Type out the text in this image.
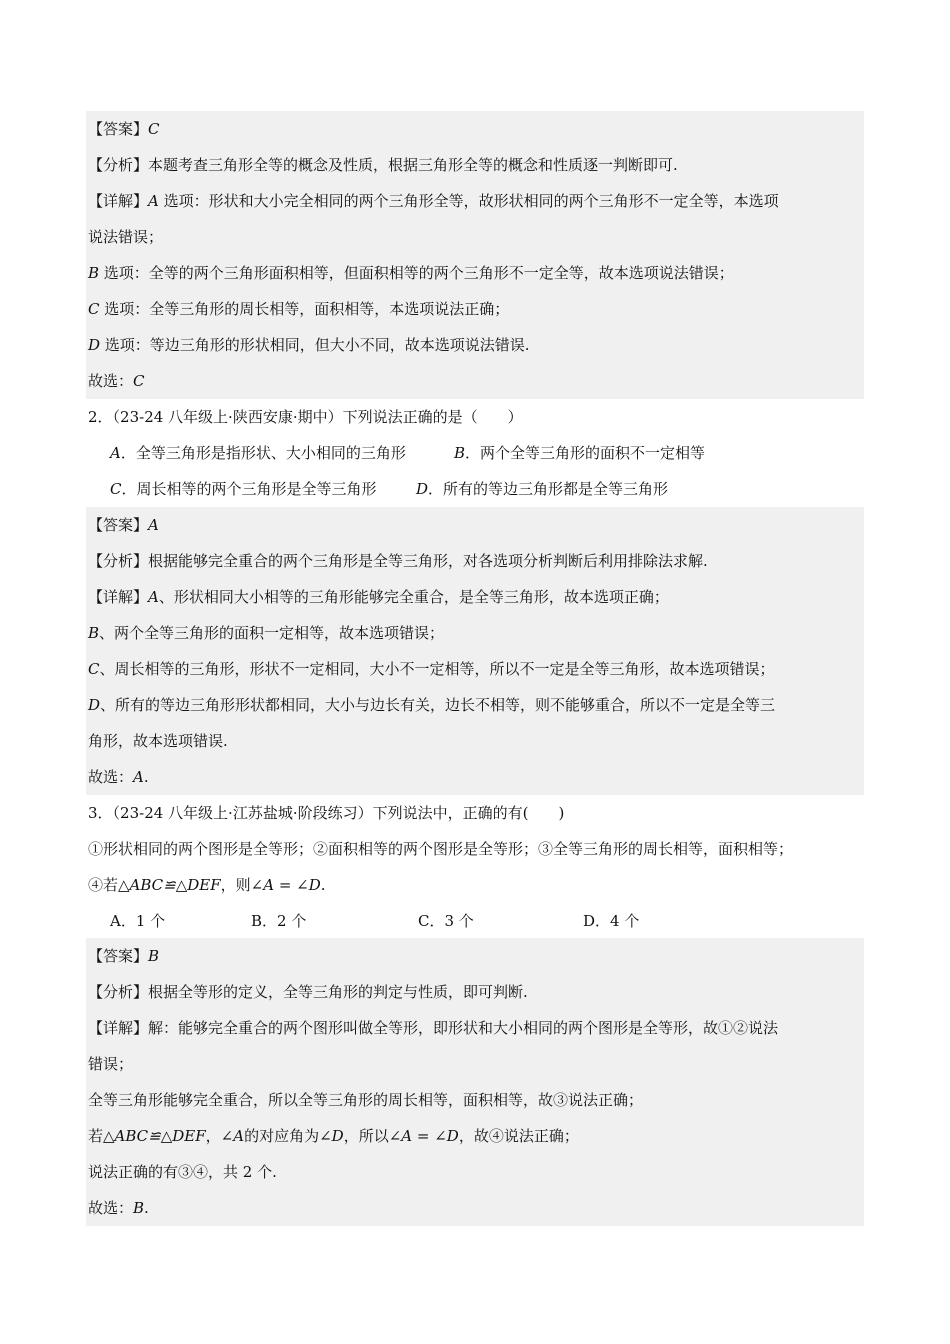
【答案】C
【分析】本题考查三角形全等的概念及性质，根据三角形全等的概念和性质逐一判断即可.
【详解】A 选项：形状和大小完全相同的两个三角形全等，故形状相同的两个三角形不一定全等，本选项
说法错误；
B 选项：全等的两个三角形面积相等，但面积相等的两个三角形不一定全等，故本选项说法错误；
C 选项：全等三角形的周长相等，面积相等，本选项说法正确；
D 选项：等边三角形的形状相同，但大小不同，故本选项说法错误.
故选：C
2．（23-24 八年级上·陕西安康·期中）下列说法正确的是（　　）
A．全等三角形是指形状、大小相同的三角形	B．两个全等三角形的面积不一定相等
C．周长相等的两个三角形是全等三角形	D．所有的等边三角形都是全等三角形
【答案】A
【分析】根据能够完全重合的两个三角形是全等三角形，对各选项分析判断后利用排除法求解.
【详解】A、形状相同大小相等的三角形能够完全重合，是全等三角形，故本选项正确；
B、两个全等三角形的面积一定相等，故本选项错误；
C、周长相等的三角形，形状不一定相同，大小不一定相等，所以不一定是全等三角形，故本选项错误；
D、所有的等边三角形形状都相同，大小与边长有关，边长不相等，则不能够重合，所以不一定是全等三
角形，故本选项错误.
故选：A.
3．（23-24 八年级上·江苏盐城·阶段练习）下列说法中，正确的有(　　)
①形状相同的两个图形是全等形；②面积相等的两个图形是全等形；③全等三角形的周长相等，面积相等；
④若△ABC≌△DEF，则∠A = ∠D.
A．1 个	B．2 个	C．3 个	D．4 个
【答案】B
【分析】根据全等形的定义，全等三角形的判定与性质，即可判断.
【详解】解：能够完全重合的两个图形叫做全等形，即形状和大小相同的两个图形是全等形，故①②说法
错误；
全等三角形能够完全重合，所以全等三角形的周长相等，面积相等，故③说法正确；
若△ABC≌△DEF，∠A的对应角为∠D，所以∠A = ∠D，故④说法正确；
说法正确的有③④，共 2 个.
故选：B.
